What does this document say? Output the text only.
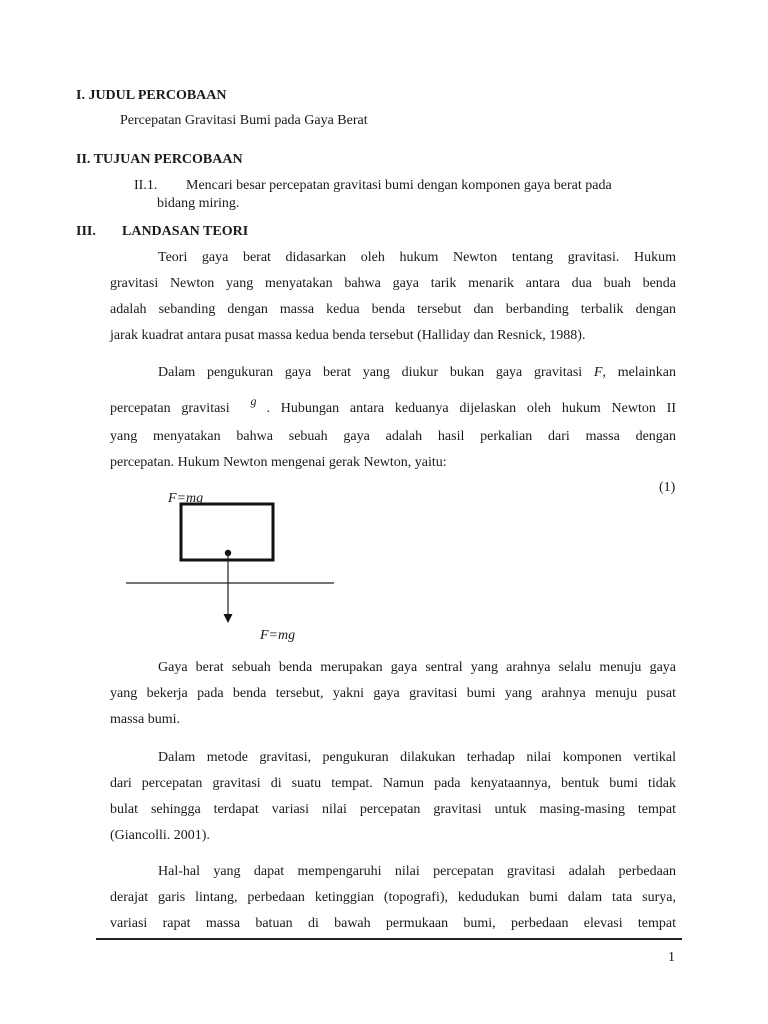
I. JUDUL PERCOBAAN
Percepatan Gravitasi Bumi pada Gaya Berat
II. TUJUAN PERCOBAAN
II.1. Mencari besar percepatan gravitasi bumi dengan komponen gaya berat pada
bidang miring.
III. LANDASAN TEORI
Teori gaya berat didasarkan oleh hukum Newton tentang gravitasi. Hukum
gravitasi Newton yang menyatakan bahwa gaya tarik menarik antara dua buah benda
adalah sebanding dengan massa kedua benda tersebut dan berbanding terbalik dengan
jarak kuadrat antara pusat massa kedua benda tersebut (Halliday dan Resnick, 1988).
Dalam pengukuran gaya berat yang diukur bukan gaya gravitasi F, melainkan
percepatan gravitasi g . Hubungan antara keduanya dijelaskan oleh hukum Newton II
yang menyatakan bahwa sebuah gaya adalah hasil perkalian dari massa dengan
percepatan. Hukum Newton mengenai gerak Newton, yaitu:
(1)
F=mg
F=mg
Gaya berat sebuah benda merupakan gaya sentral yang arahnya selalu menuju gaya
yang bekerja pada benda tersebut, yakni gaya gravitasi bumi yang arahnya menuju pusat
massa bumi.
Dalam metode gravitasi, pengukuran dilakukan terhadap nilai komponen vertikal
dari percepatan gravitasi di suatu tempat. Namun pada kenyataannya, bentuk bumi tidak
bulat sehingga terdapat variasi nilai percepatan gravitasi untuk masing-masing tempat
(Giancolli. 2001).
Hal-hal yang dapat mempengaruhi nilai percepatan gravitasi adalah perbedaan
derajat garis lintang, perbedaan ketinggian (topografi), kedudukan bumi dalam tata surya,
variasi rapat massa batuan di bawah permukaan bumi, perbedaan elevasi tempat
1
